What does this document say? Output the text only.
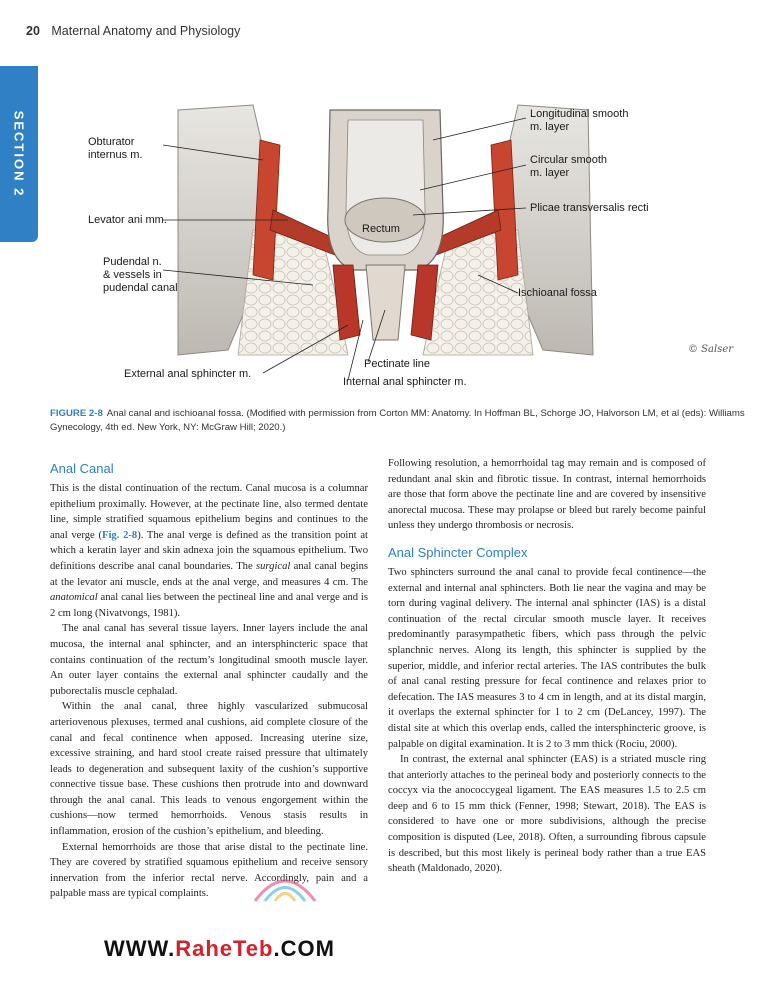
20 Maternal Anatomy and Physiology
SECTION 2
© Salser
Obturator
internus m.
Levator ani mm.
Pudendal n.
& vessels in
pudendal canal
External anal sphincter m.
Longitudinal smooth
m. layer
Circular smooth
m. layer
Plicae transversalis recti
Ischioanal fossa
Pectinate line
Internal anal sphincter m.
Rectum
FIGURE 2-8 Anal canal and ischioanal fossa. (Modified with permission from Corton MM: Anatomy. In Hoffman BL, Schorge JO, Halvorson LM, et al (eds): Williams Gynecology, 4th ed. New York, NY: McGraw Hill; 2020.)
Anal Canal

This is the distal continuation of the rectum. Canal mucosa is a columnar epithelium proximally. However, at the pectinate line, also termed dentate line, simple stratified squamous epithelium begins and continues to the anal verge (Fig. 2-8). The anal verge is defined as the transition point at which a keratin layer and skin adnexa join the squamous epithelium. Two definitions describe anal canal boundaries. The surgical anal canal begins at the levator ani muscle, ends at the anal verge, and measures 4 cm. The anatomical anal canal lies between the pectineal line and anal verge and is 2 cm long (Nivatvongs, 1981).

The anal canal has several tissue layers. Inner layers include the anal mucosa, the internal anal sphincter, and an intersphincteric space that contains continuation of the rectum’s longitudinal smooth muscle layer. An outer layer contains the external anal sphincter caudally and the puborectalis muscle cephalad.

Within the anal canal, three highly vascularized submucosal arteriovenous plexuses, termed anal cushions, aid complete closure of the canal and fecal continence when apposed. Increasing uterine size, excessive straining, and hard stool create raised pressure that ultimately leads to degeneration and subsequent laxity of the cushion’s supportive connective tissue base. These cushions then protrude into and downward through the anal canal. This leads to venous engorgement within the cushions—now termed hemorrhoids. Venous stasis results in inflammation, erosion of the cushion’s epithelium, and bleeding.

External hemorrhoids are those that arise distal to the pectinate line. They are covered by stratified squamous epithelium and receive sensory innervation from the inferior rectal nerve. Accordingly, pain and a palpable mass are typical complaints.

Following resolution, a hemorrhoidal tag may remain and is composed of redundant anal skin and fibrotic tissue. In contrast, internal hemorrhoids are those that form above the pectinate line and are covered by insensitive anorectal mucosa. These may prolapse or bleed but rarely become painful unless they undergo thrombosis or necrosis.

Anal Sphincter Complex

Two sphincters surround the anal canal to provide fecal continence—the external and internal anal sphincters. Both lie near the vagina and may be torn during vaginal delivery. The internal anal sphincter (IAS) is a distal continuation of the rectal circular smooth muscle layer. It receives predominantly parasympathetic fibers, which pass through the pelvic splanchnic nerves. Along its length, this sphincter is supplied by the superior, middle, and inferior rectal arteries. The IAS contributes the bulk of anal canal resting pressure for fecal continence and relaxes prior to defecation. The IAS measures 3 to 4 cm in length, and at its distal margin, it overlaps the external sphincter for 1 to 2 cm (DeLancey, 1997). The distal site at which this overlap ends, called the intersphincteric groove, is palpable on digital examination. It is 2 to 3 mm thick (Rociu, 2000).

In contrast, the external anal sphincter (EAS) is a striated muscle ring that anteriorly attaches to the perineal body and posteriorly connects to the coccyx via the anococcygeal ligament. The EAS measures 1.5 to 2.5 cm deep and 6 to 15 mm thick (Fenner, 1998; Stewart, 2018). The EAS is considered to have one or more subdivisions, although the precise composition is disputed (Lee, 2018). Often, a surrounding fibrous capsule is described, but this most likely is perineal body rather than a true EAS sheath (Maldonado, 2020).

WWW.RaheTeb.COM
